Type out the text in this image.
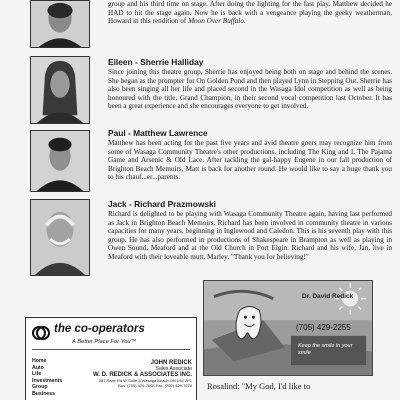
group and his third time on stage. After doing the lighting for the fast play, Matthew decided he HAD to hit the stage again. Now he is back with a vengeance playing the geeky weatherman, Howard in this rendition of Moon Over Buffalo.

Eileen - Sherrie Halliday

Since joining this theatre group, Sherrie has enjoyed being both on stage and behind the scenes. She began as the prompter for On Golden Pond and then played Lynn in Stepping Out. Sherrie has also been singing all her life and placed second in the Wasaga Idol competition as well as being honoured with the title, Grand Champion, in their second vocal competition last October. It has been a great experience and she encourages everyone to get involved.

Paul - Matthew Lawrence

Matthew has been acting for the past five years and avid theatre goers may recognize him from some of Wasaga Community Theatre's other productions, including The King and I, The Pajama Game and Arsenic & Old Lace. After tackling the gal-happy Eugene in our fall production of Brighton Beach Memoirs, Matt is back for another round. He would like to say a huge thank you to his chauf...er...parents.

Jack - Richard Prazmowski

Richard is delighted to be playing with Wasaga Community Theatre again, having last performed as Jack in Brighton Beach Memoirs. Richard has been involved in community theatre in various capacities for many years, beginning in Inglewood and Caledon. This is his seventh play with this group. He has also performed in productions of Shakespeare in Brampton as well as playing in Owen Sound, Meaford and at the Old Church in Port Elgin. Richard and his wife, Jan, live in Meaford with their loveable mutt, Marley. "Thank you for believing!"

the co-operators
A Better Place For You™
Home
Auto
Life
Investments
Group
Business
JOHN REDICK
Sales Associate
W. D. REDICK & ASSOCIATES INC.
387 River Rd W Suite 5 Wasaga Beach ON L9Z 2P1
Bus: (705) 429-7668 Fax: (705) 429-7670
Dr. David Redick
(705) 429-2255
Keep the smile in your smile
Rosalind: "My God, I'd like to
